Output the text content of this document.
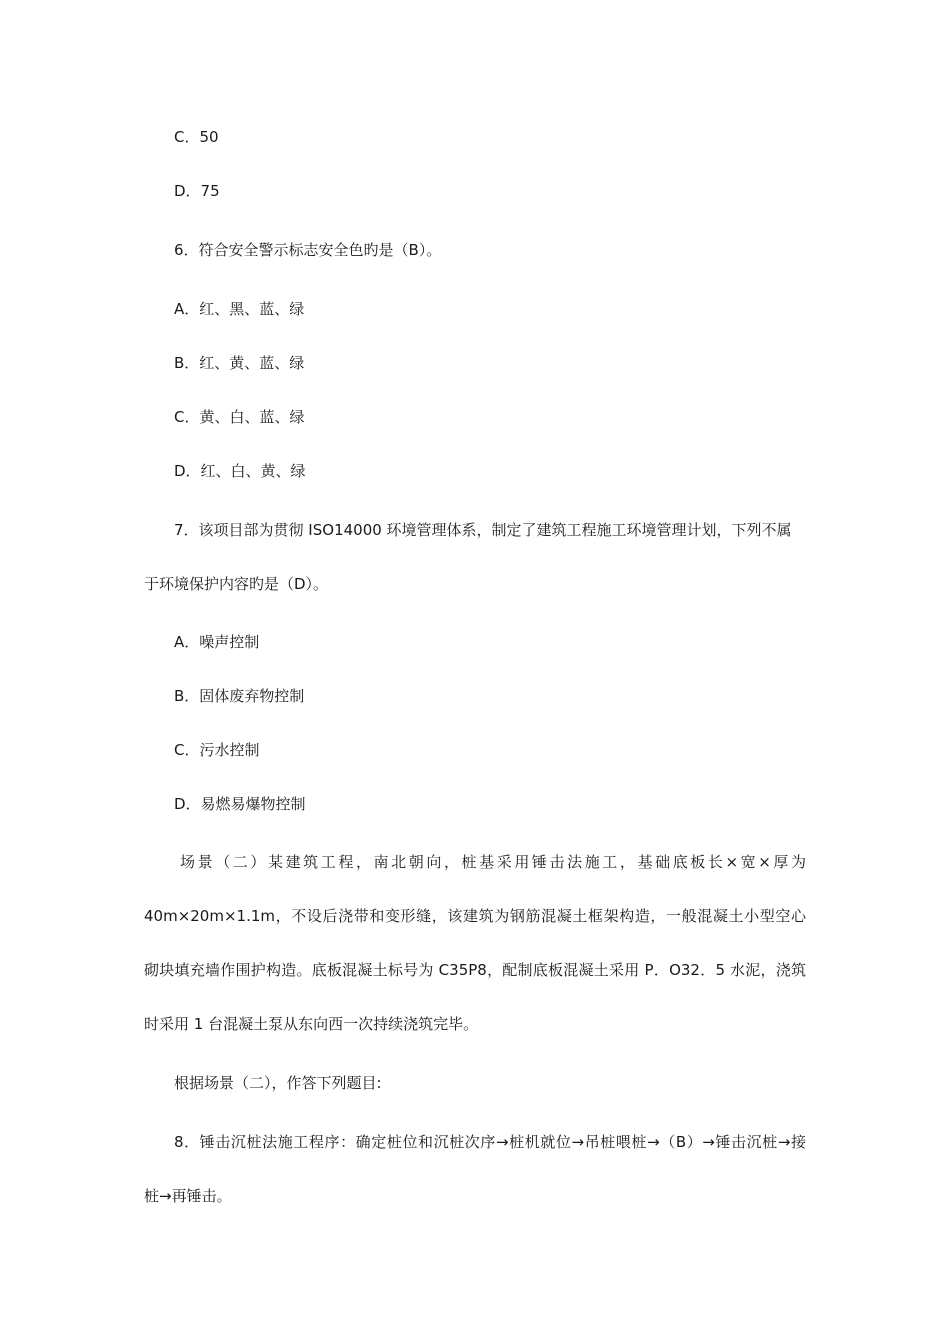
C．50

D．75

6．符合安全警示标志安全色旳是（B）。

A．红、黑、蓝、绿

B．红、黄、蓝、绿

C．黄、白、蓝、绿

D．红、白、黄、绿

7．该项目部为贯彻 ISO14000 环境管理体系，制定了建筑工程施工环境管理计划，下列不属

于环境保护内容旳是（D）。

A．噪声控制

B．固体废弃物控制

C．污水控制

D．易燃易爆物控制

场景（二）某建筑工程，南北朝向，桩基采用锤击法施工，基础底板长×宽×厚为

40m×20m×1.1m，不设后浇带和变形缝，该建筑为钢筋混凝土框架构造，一般混凝土小型空心

砌块填充墙作围护构造。底板混凝土标号为 C35P8，配制底板混凝土采用 P．O32．5 水泥，浇筑

时采用 1 台混凝土泵从东向西一次持续浇筑完毕。

根据场景（二），作答下列题目:

8．锤击沉桩法施工程序：确定桩位和沉桩次序→桩机就位→吊桩喂桩→（B）→锤击沉桩→接

桩→再锤击。
